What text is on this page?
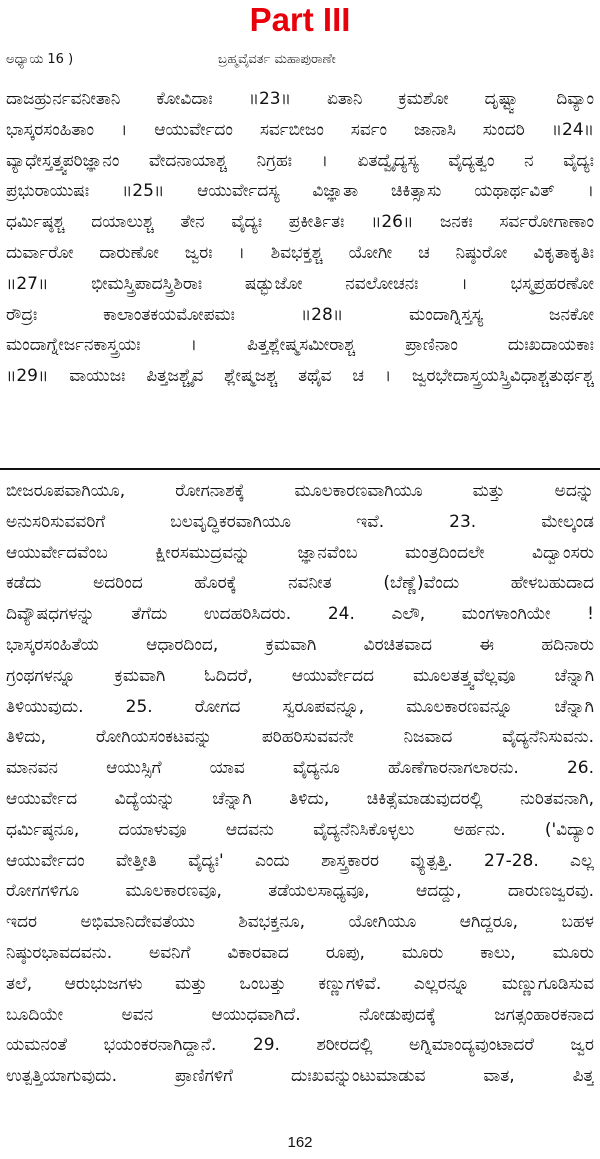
Part III
ಅಧ್ಯಾಯ 16 )	ಬ್ರಹ್ಮವೈವರ್ತ ಮಹಾಪುರಾಣೇ
ದಾಜಹ್ರುರ್ನವನೀತಾನಿ ಕೋವಿದಾಃ ॥23॥ ಏತಾನಿ ಕ್ರಮಶೋ ದೃಷ್ಟ್ವಾ ದಿವ್ಯಾಂ
ಭಾಸ್ಕರಸಂಹಿತಾಂ । ಆಯುರ್ವೇದಂ ಸರ್ವಬೀಜಂ ಸರ್ವಂ ಜಾನಾಸಿ ಸುಂದರಿ ॥24॥
ವ್ಯಾಧೇಸ್ತತ್ತ್ವಪರಿಜ್ಞಾನಂ ವೇದನಾಯಾಶ್ಚ ನಿಗ್ರಹಃ । ಏತದ್ವೈದ್ಯಸ್ಯ ವೈದ್ಯತ್ವಂ ನ ವೈದ್ಯಃ
ಪ್ರಭುರಾಯುಷಃ ॥25॥ ಆಯುರ್ವೇದಸ್ಯ ವಿಜ್ಞಾತಾ ಚಿಕಿತ್ಸಾಸು ಯಥಾರ್ಥವಿತ್ ।
ಧರ್ಮಿಷ್ಠಶ್ಚ ದಯಾಲುಶ್ಚ ತೇನ ವೈದ್ಯಃ ಪ್ರಕೀರ್ತಿತಃ ॥26॥ ಜನಕಃ ಸರ್ವರೋಗಾಣಾಂ
ದುರ್ವಾರೋ ದಾರುಣೋ ಜ್ವರಃ । ಶಿವಭಕ್ತಶ್ಚ ಯೋಗೀ ಚ ನಿಷ್ಠುರೋ ವಿಕೃತಾಕೃತಿಃ
॥27॥ ಭೀಮಸ್ತ್ರಿಪಾದಸ್ತ್ರಿಶಿರಾಃ ಷಡ್ಭುಜೋ ನವಲೋಚನಃ । ಭಸ್ಮಪ್ರಹರಣೋ
ರೌದ್ರಃ ಕಾಲಾಂತಕಯಮೋಪಮಃ ॥28॥ ಮಂದಾಗ್ನಿಸ್ತಸ್ಯ ಜನಕೋ
ಮಂದಾಗ್ನೇರ್ಜನಕಾಸ್ತ್ರಯಃ । ಪಿತ್ತಶ್ಲೇಷ್ಮಸಮೀರಾಶ್ಚ ಪ್ರಾಣಿನಾಂ ದುಃಖದಾಯಕಾಃ
॥29॥ ವಾಯುಜಃ ಪಿತ್ತಜಶ್ಚೈವ ಶ್ಲೇಷ್ಮಜಶ್ಚ ತಥೈವ ಚ । ಜ್ವರಭೇದಾಸ್ತ್ರಯಸ್ತ್ರಿವಿಧಾಶ್ಚತುರ್ಥಶ್ಚ
ಬೀಜರೂಪವಾಗಿಯೂ, ರೋಗನಾಶಕ್ಕೆ ಮೂಲಕಾರಣವಾಗಿಯೂ ಮತ್ತು ಅದನ್ನು
ಅನುಸರಿಸುವವರಿಗೆ ಬಲವೃದ್ಧಿಕರವಾಗಿಯೂ ಇವೆ. 23. ಮೇಲ್ಕಂಡ
ಆಯುರ್ವೇದವೆಂಬ ಕ್ಷೀರಸಮುದ್ರವನ್ನು ಜ್ಞಾನವೆಂಬ ಮಂತ್ರದಿಂದಲೇ ವಿದ್ವಾಂಸರು
ಕಡೆದು ಅದರಿಂದ ಹೊರಕ್ಕೆ ನವನೀತ (ಬೆಣ್ಣೆ)ವೆಂದು ಹೇಳಬಹುದಾದ
ದಿವ್ಯೌಷಧಗಳನ್ನು ತೆಗೆದು ಉದಹರಿಸಿದರು. 24. ಎಲೌ, ಮಂಗಳಾಂಗಿಯೇ !
ಭಾಸ್ಕರಸಂಹಿತೆಯ ಆಧಾರದಿಂದ, ಕ್ರಮವಾಗಿ ವಿರಚಿತವಾದ ಈ ಹದಿನಾರು
ಗ್ರಂಥಗಳನ್ನೂ ಕ್ರಮವಾಗಿ ಓದಿದರೆ, ಆಯುರ್ವೇದದ ಮೂಲತತ್ತ್ವವೆಲ್ಲವೂ ಚೆನ್ನಾಗಿ
ತಿಳಿಯುವುದು. 25. ರೋಗದ ಸ್ವರೂಪವನ್ನೂ, ಮೂಲಕಾರಣವನ್ನೂ ಚೆನ್ನಾಗಿ
ತಿಳಿದು, ರೋಗಿಯಸಂಕಟವನ್ನು ಪರಿಹರಿಸುವವನೇ ನಿಜವಾದ ವೈದ್ಯನೆನಿಸುವನು.
ಮಾನವನ ಆಯುಸ್ಸಿಗೆ ಯಾವ ವೈದ್ಯನೂ ಹೊಣೆಗಾರನಾಗಲಾರನು. 26.
ಆಯುರ್ವೇದ ವಿದ್ಯೆಯನ್ನು ಚೆನ್ನಾಗಿ ತಿಳಿದು, ಚಿಕಿತ್ಸೆಮಾಡುವುದರಲ್ಲಿ ನುರಿತವನಾಗಿ,
ಧರ್ಮಿಷ್ಠನೂ, ದಯಾಳುವೂ ಆದವನು ವೈದ್ಯನೆನಿಸಿಕೊಳ್ಳಲು ಅರ್ಹನು. ('ವಿದ್ಯಾಂ
ಆಯುರ್ವೇದಂ ವೇತ್ತೀತಿ ವೈದ್ಯಃ' ಎಂದು ಶಾಸ್ತ್ರಕಾರರ ವ್ಯುತ್ಪತ್ತಿ. 27-28. ಎಲ್ಲ
ರೋಗಗಳಿಗೂ ಮೂಲಕಾರಣವೂ, ತಡೆಯಲಸಾಧ್ಯವೂ, ಆದದ್ದು, ದಾರುಣಜ್ವರವು.
ಇದರ ಅಭಿಮಾನಿದೇವತೆಯು ಶಿವಭಕ್ತನೂ, ಯೋಗಿಯೂ ಆಗಿದ್ದರೂ, ಬಹಳ
ನಿಷ್ಠುರಭಾವದವನು. ಅವನಿಗೆ ವಿಕಾರವಾದ ರೂಪು, ಮೂರು ಕಾಲು, ಮೂರು
ತಲೆ, ಆರುಭುಜಗಳು ಮತ್ತು ಒಂಬತ್ತು ಕಣ್ಣುಗಳಿವೆ. ಎಲ್ಲರನ್ನೂ ಮಣ್ಣುಗೂಡಿಸುವ
ಬೂದಿಯೇ ಅವನ ಆಯುಧವಾಗಿದೆ. ನೋಡುಪುದಕ್ಕೆ ಜಗತ್ಸಂಹಾರಕನಾದ
ಯಮನಂತೆ ಭಯಂಕರನಾಗಿದ್ದಾನೆ. 29. ಶರೀರದಲ್ಲಿ ಅಗ್ನಿಮಾಂದ್ಯವುಂಟಾದರೆ ಜ್ವರ
ಉತ್ಪತ್ತಿಯಾಗುವುದು. ಪ್ರಾಣಿಗಳಿಗೆ ದುಃಖವನ್ನುಂಟುಮಾಡುವ ವಾತ, ಪಿತ್ತ
162
